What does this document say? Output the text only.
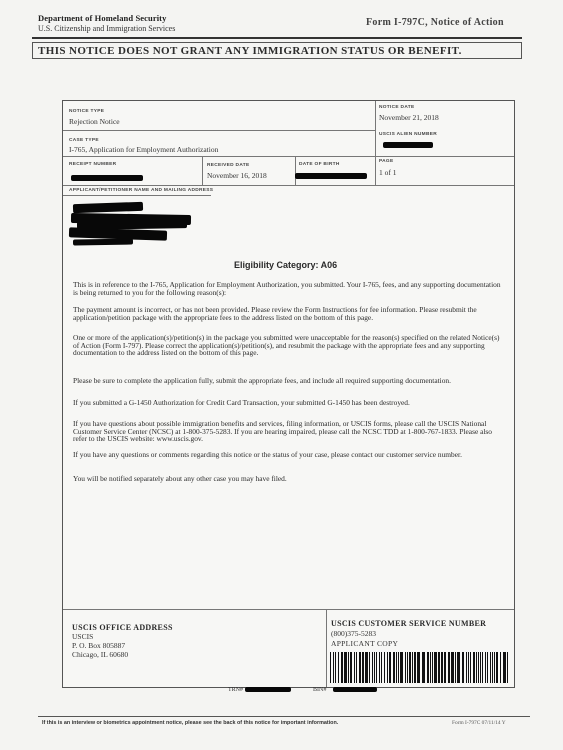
Department of Homeland Security
U.S. Citizenship and Immigration Services
Form I-797C, Notice of Action
THIS NOTICE DOES NOT GRANT ANY IMMIGRATION STATUS OR BENEFIT.
NOTICE TYPE
Rejection Notice
NOTICE DATE
November 21, 2018
CASE TYPE
I-765, Application for Employment Authorization
USCIS ALIEN NUMBER
RECEIPT NUMBER	RECEIVED DATE
November 16, 2018
DATE OF BIRTH
PAGE
1 of 1
APPLICANT/PETITIONER NAME AND MAILING ADDRESS
Eligibility Category: A06
This is in reference to the I-765, Application for Employment Authorization, you submitted. Your I-765, fees, and any supporting documentation is being returned to you for the following reason(s):
The payment amount is incorrect, or has not been provided. Please review the Form Instructions for fee information. Please resubmit the application/petition package with the appropriate fees to the address listed on the bottom of this page.
One or more of the application(s)/petition(s) in the package you submitted were unacceptable for the reason(s) specified on the related Notice(s) of Action (Form I-797). Please correct the application(s)/petition(s), and resubmit the package with the appropriate fees and any supporting documentation to the address listed on the bottom of this page.
Please be sure to complete the application fully, submit the appropriate fees, and include all required supporting documentation.
If you submitted a G-1450 Authorization for Credit Card Transaction, your submitted G-1450 has been destroyed.
If you have questions about possible immigration benefits and services, filing information, or USCIS forms, please call the USCIS National Customer Service Center (NCSC) at 1-800-375-5283. If you are hearing impaired, please call the NCSC TDD at 1-800-767-1833. Please also refer to the USCIS website: www.uscis.gov.
If you have any questions or comments regarding this notice or the status of your case, please contact our customer service number.
You will be notified separately about any other case you may have filed.
USCIS OFFICE ADDRESS
USCIS
P. O. Box 805887
Chicago, IL 60680
USCIS CUSTOMER SERVICE NUMBER
(800)375-5283
APPLICANT COPY
TRN#	BIN#
If this is an interview or biometrics appointment notice, please see the back of this notice for important information.	Form I-797C 07/11/14 Y
